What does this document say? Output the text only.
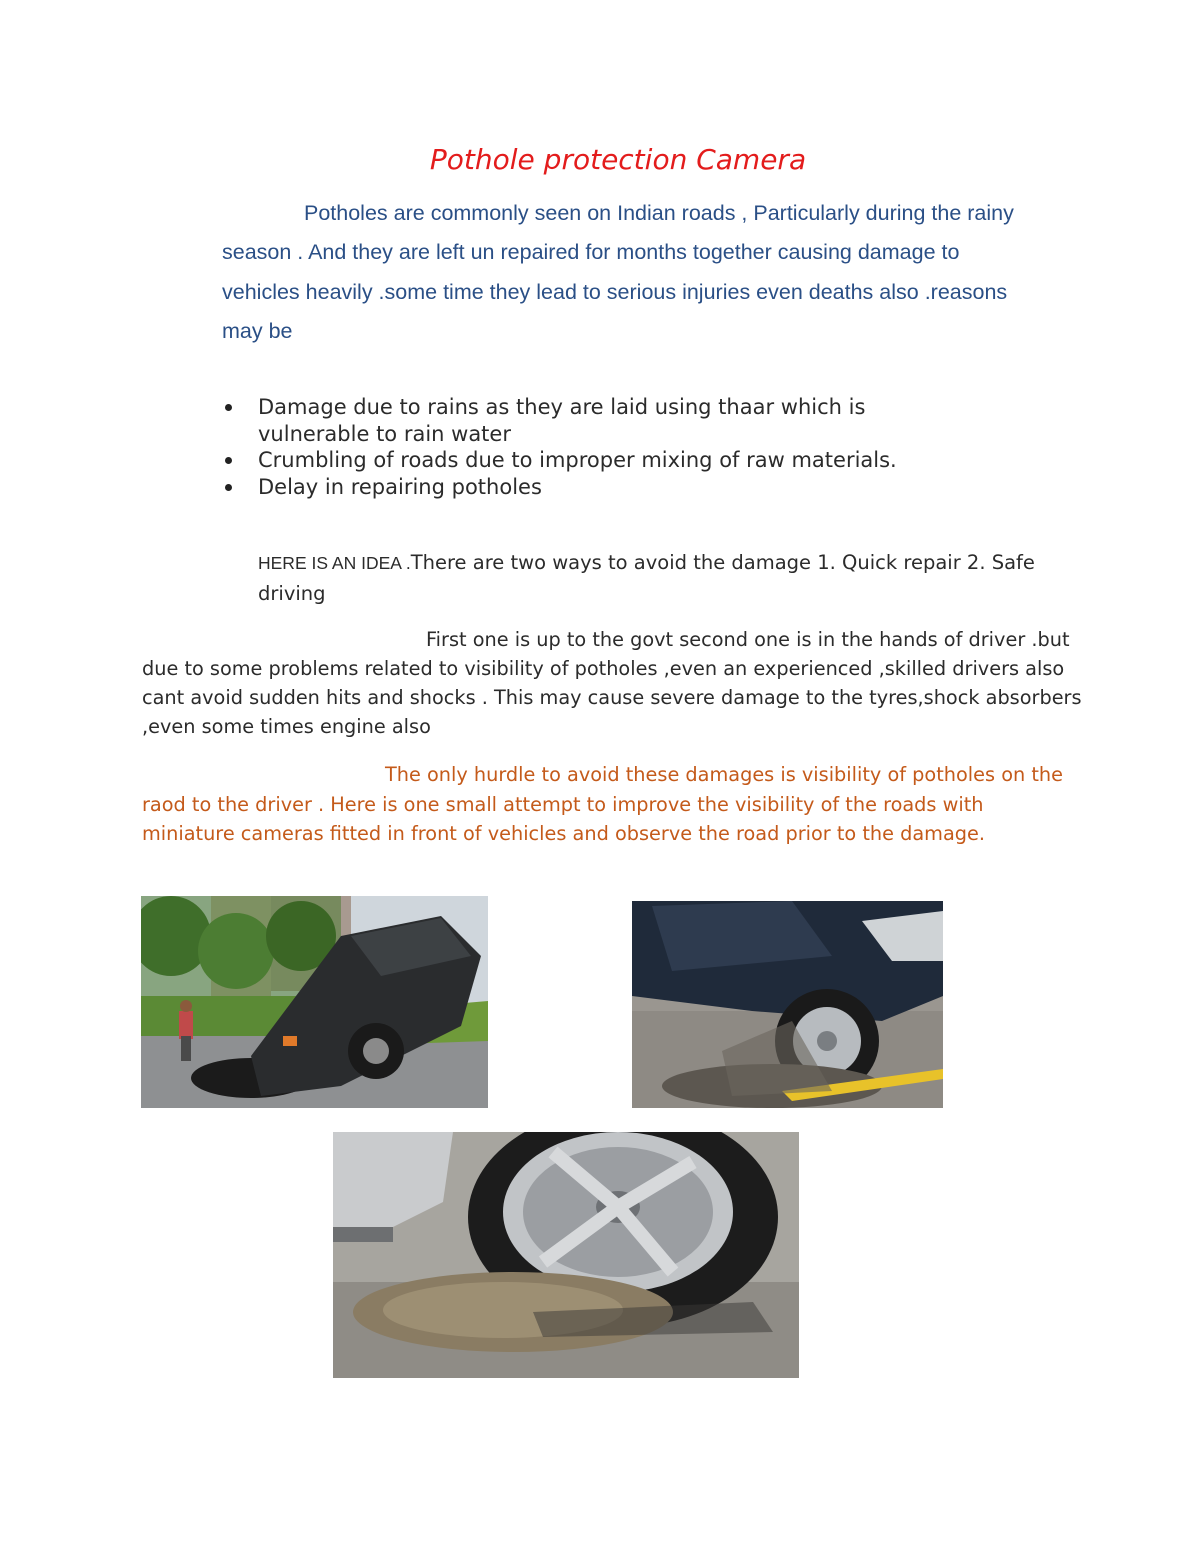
Pothole protection Camera
Potholes are commonly seen on Indian roads , Particularly during the rainy season . And they are left un repaired for months together causing damage to vehicles heavily .some time they lead to serious injuries even deaths also .reasons may be
Damage due to rains as they are laid using thaar which is vulnerable to rain water
Crumbling of roads due to improper mixing of raw materials.
Delay in repairing potholes
HERE IS AN IDEA .There are two ways to avoid the damage 1. Quick repair 2. Safe driving
First one is up to the govt second one is in the hands of driver .but due to some problems related to visibility of potholes ,even an experienced ,skilled drivers also cant avoid sudden hits and shocks . This may cause severe damage to the tyres,shock absorbers ,even some times engine also
The only hurdle to avoid these damages is visibility of potholes on the raod to the driver . Here is one small attempt to improve the visibility of the roads with miniature cameras fitted in front of vehicles and observe the road prior to the damage.
